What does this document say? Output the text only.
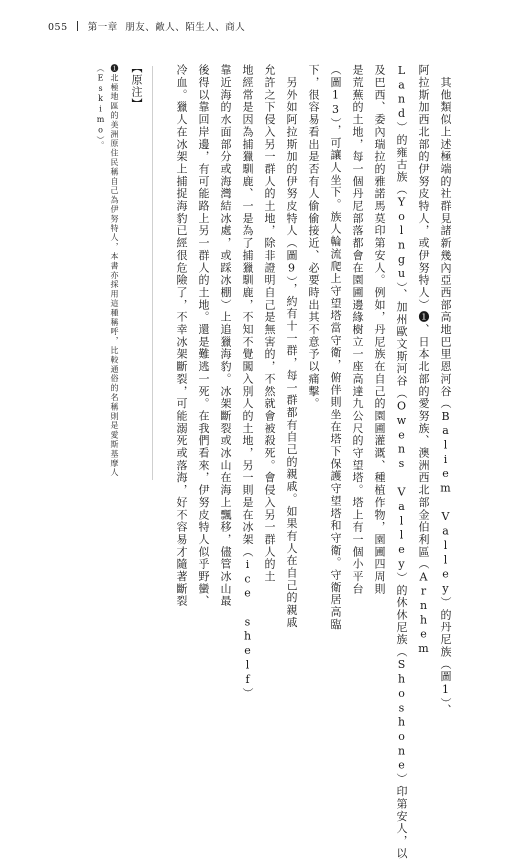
055 第一章 朋友、敵人、陌生人、商人
　其他類似上述極端的社群見諸新幾內亞西部高地巴里恩河谷（Baliem Valley）的丹尼族（圖1）、
阿拉斯加西北部的伊努皮特人，或伊努特人）❶、日本北部的愛努族、澳洲西北部金伯利區（Arnhem
Land）的雍古族（Yolngu）、加州歐文斯河谷（Owens Valley）的休休尼族（Shoshone）印第安人，以
及巴西、委內瑞拉的雅諾馬莫印第安人。例如，丹尼族在自己的園圃灌溉、種植作物，園圃四周則
是荒蕪的土地，每一個丹尼部落都會在園圃邊緣樹立一座高達九公尺的守望塔。塔上有一個小平台
（圖13），可讓人坐下。族人輪流爬上守望塔當守衛，俯伴則坐在塔下保護守望塔和守衛。守衛居高臨
下，很容易看出是否有人偷偷接近、必要時出其不意予以痛擊。
　另外如阿拉斯加的伊努皮特人（圖9），約有十一群，每一群都有自己的親戚。如果有人在自己的親戚
允許之下侵入另一群人的土地，除非證明自己是無害的，不然就會被殺死。會侵入另一群人的土
地經常是因為捕獵馴鹿、一是為了捕獵馴鹿，不知不覺闖入別人的土地，另一則是在冰架（ice shelf）
靠近海的水面部分或海灣結冰處，或踩冰棚）上追獵海豹。冰架斷裂或冰山在海上飄移，儘管冰山最
後得以靠回岸邊，有可能路上另一群人的土地。還是難逃一死。在我們看來，伊努皮特人似乎野蠻、
冷血。獵人在冰架上捕捉海豹已經很危險了，不幸冰架斷裂，可能溺死或落海，好不容易才隨著斷裂
【原注】
❶北極地區的美洲原住民稱自己為伊努特人，本書亦採用這種稱呼，比較通俗的名稱則是愛斯基摩人
（Eskimo）。
